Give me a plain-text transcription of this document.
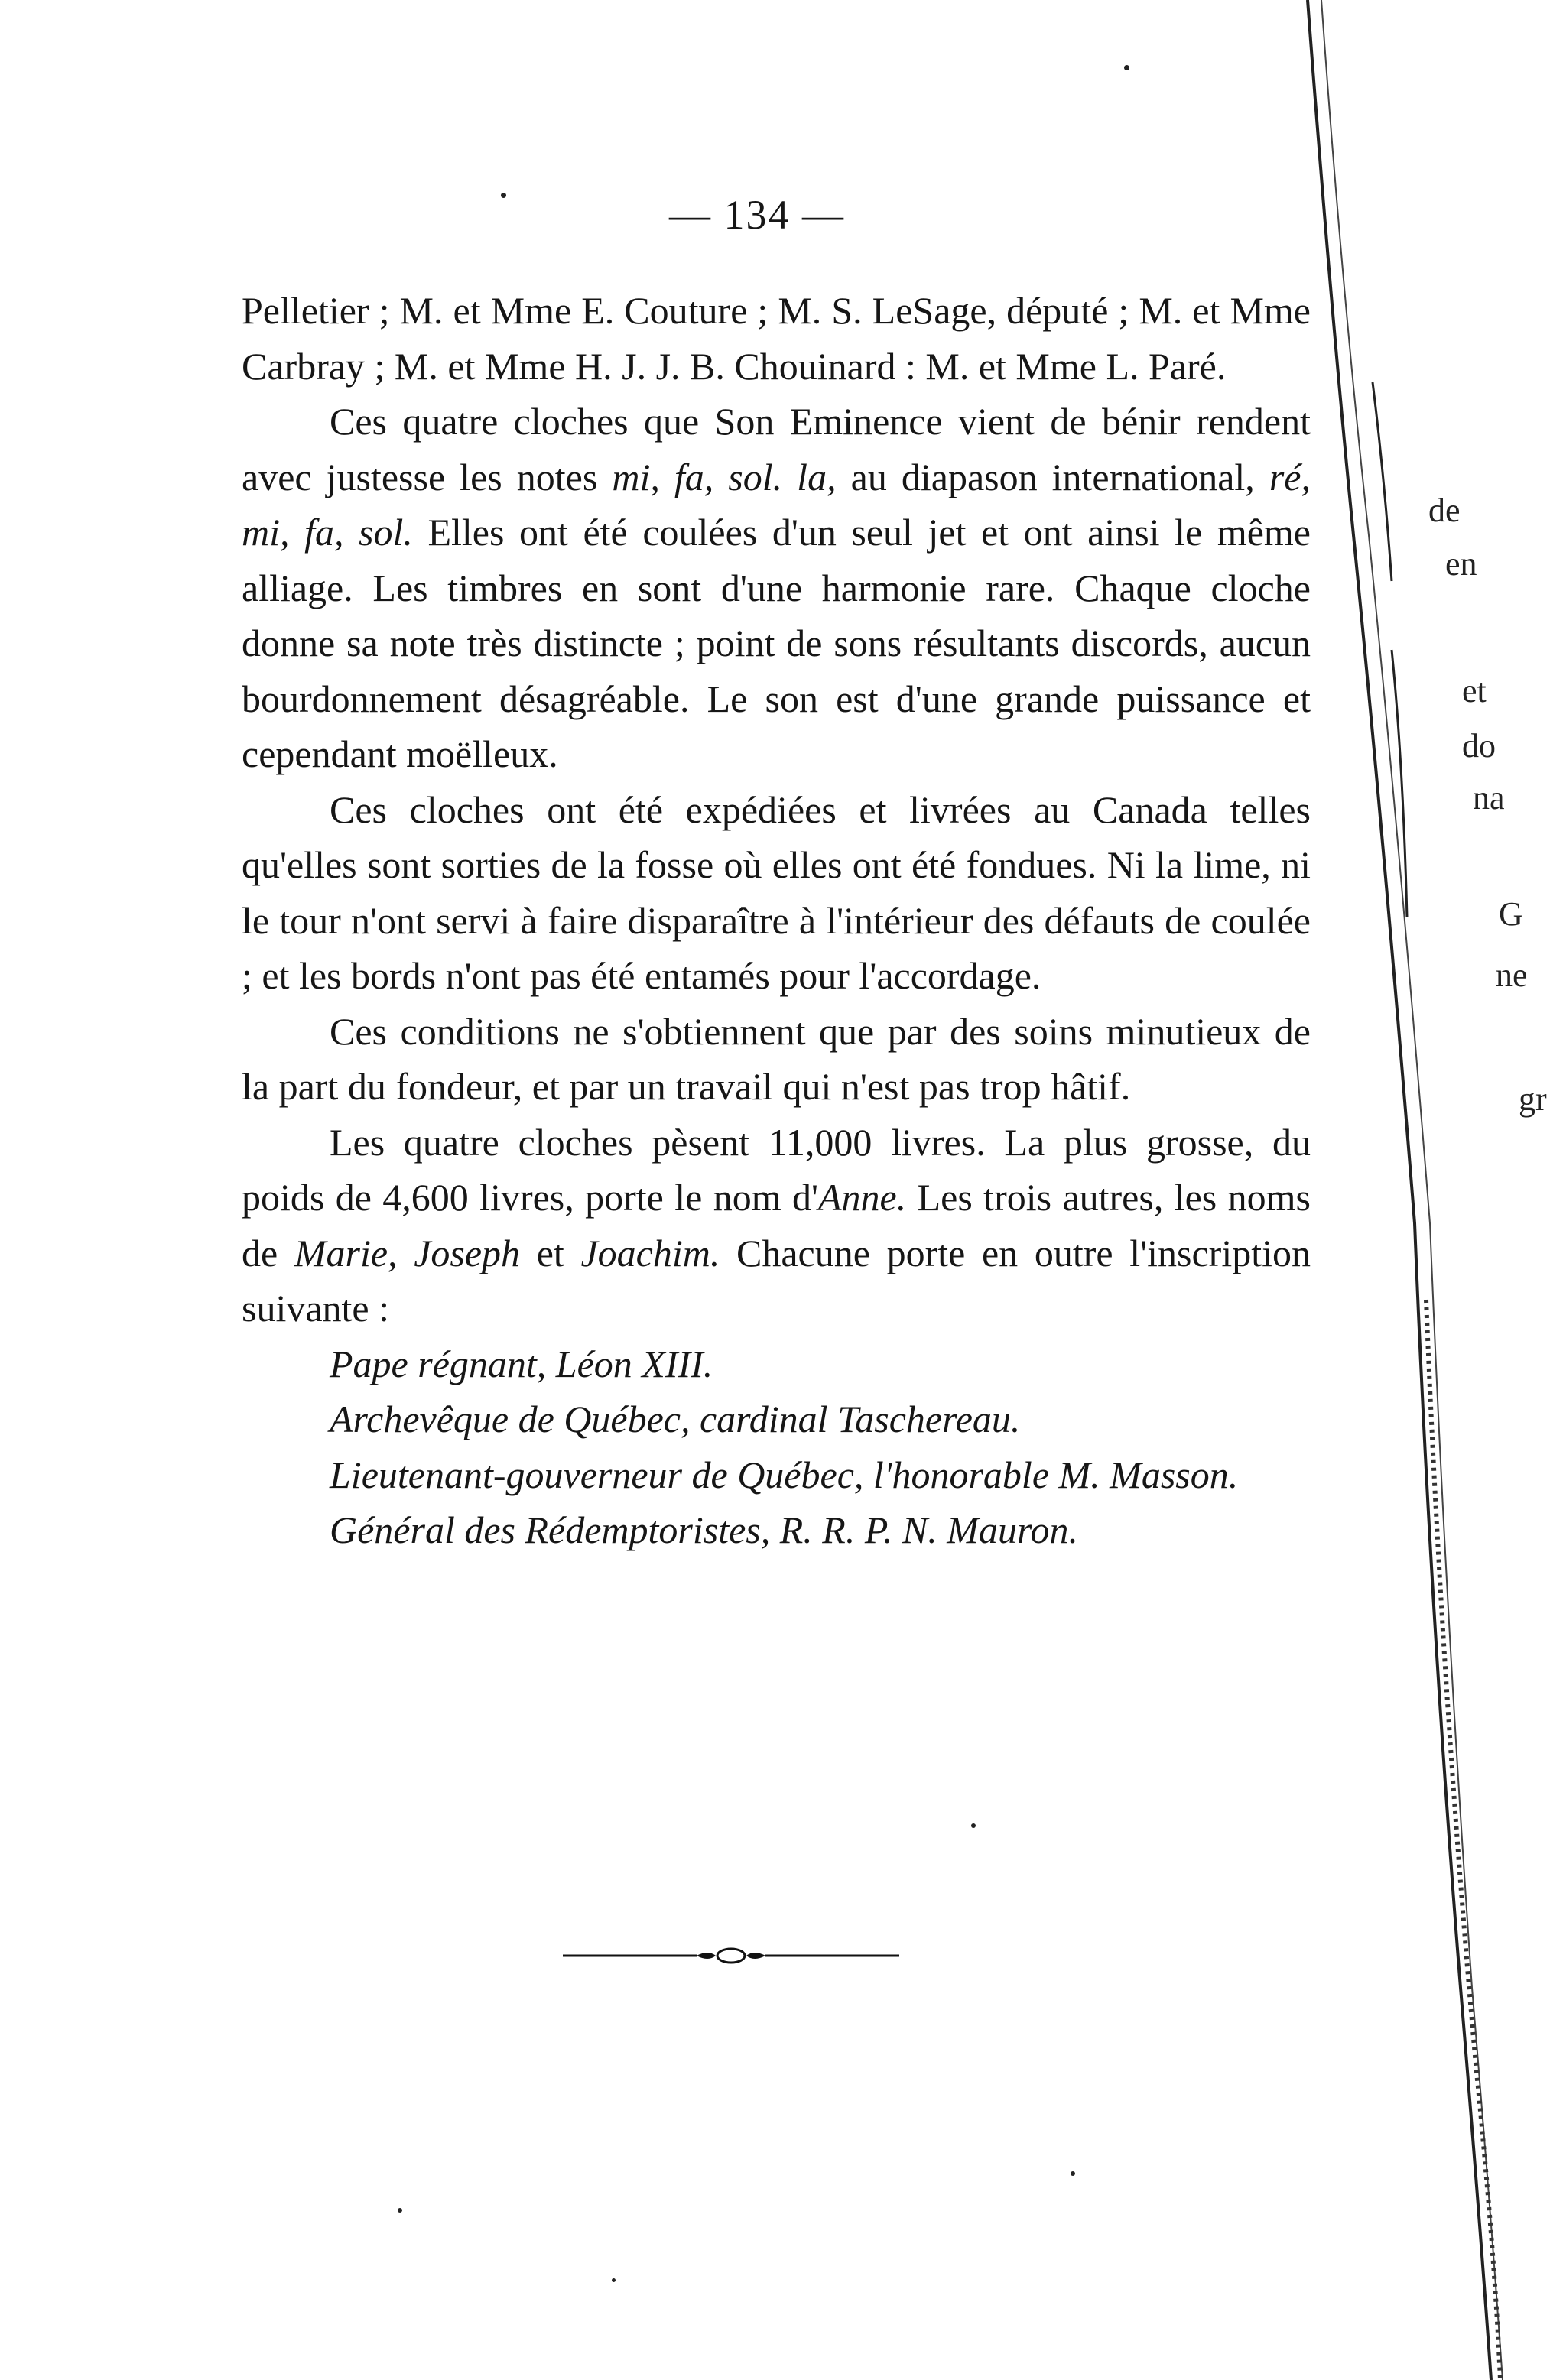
— 134 —

Pelletier ; M. et Mme E. Couture ; M. S. LeSage, député ; M. et Mme Carbray ; M. et Mme H. J. J. B. Chouinard : M. et Mme L. Paré.

Ces quatre cloches que Son Eminence vient de bénir rendent avec justesse les notes mi, fa, sol. la, au diapason international, ré, mi, fa, sol. Elles ont été coulées d'un seul jet et ont ainsi le même alliage. Les timbres en sont d'une harmonie rare. Chaque cloche donne sa note très distincte ; point de sons résultants discords, aucun bourdonnement désagréable. Le son est d'une grande puissance et cependant moëlleux.

Ces cloches ont été expédiées et livrées au Canada telles qu'elles sont sorties de la fosse où elles ont été fondues. Ni la lime, ni le tour n'ont servi à faire disparaître à l'intérieur des défauts de coulée ; et les bords n'ont pas été entamés pour l'accordage.

Ces conditions ne s'obtiennent que par des soins minutieux de la part du fondeur, et par un travail qui n'est pas trop hâtif.

Les quatre cloches pèsent 11,000 livres. La plus grosse, du poids de 4,600 livres, porte le nom d'Anne. Les trois autres, les noms de Marie, Joseph et Joachim. Chacune porte en outre l'inscription suivante :

Pape régnant, Léon XIII.

Archevêque de Québec, cardinal Taschereau.

Lieutenant-gouverneur de Québec, l'honorable M. Masson.

Général des Rédemptoristes, R. R. P. N. Mauron.

de
en
et
do
na
G
ne
gr
